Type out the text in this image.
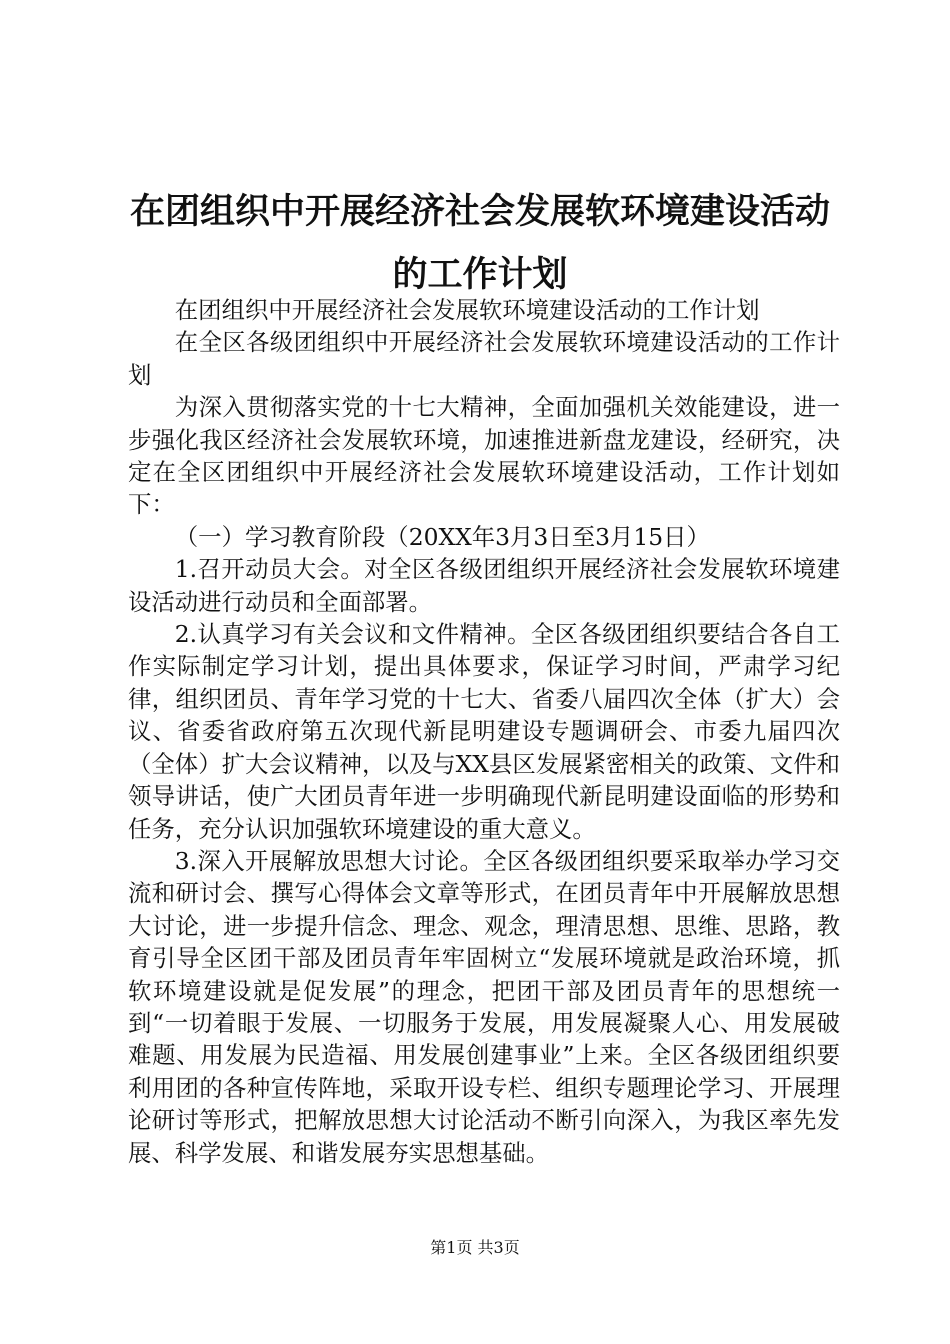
在团组织中开展经济社会发展软环境建设活动
的工作计划

在团组织中开展经济社会发展软环境建设活动的工作计划

在全区各级团组织中开展经济社会发展软环境建设活动的工作计划

为深入贯彻落实党的十七大精神，全面加强机关效能建设，进一步强化我区经济社会发展软环境，加速推进新盘龙建设，经研究，决定在全区团组织中开展经济社会发展软环境建设活动，工作计划如下：

（一）学习教育阶段（20XX年3月3日至3月15日）

1.召开动员大会。对全区各级团组织开展经济社会发展软环境建设活动进行动员和全面部署。

2.认真学习有关会议和文件精神。全区各级团组织要结合各自工作实际制定学习计划，提出具体要求，保证学习时间，严肃学习纪律，组织团员、青年学习党的十七大、省委八届四次全体（扩大）会议、省委省政府第五次现代新昆明建设专题调研会、市委九届四次（全体）扩大会议精神，以及与XX县区发展紧密相关的政策、文件和领导讲话，使广大团员青年进一步明确现代新昆明建设面临的形势和任务，充分认识加强软环境建设的重大意义。

3.深入开展解放思想大讨论。全区各级团组织要采取举办学习交流和研讨会、撰写心得体会文章等形式，在团员青年中开展解放思想大讨论，进一步提升信念、理念、观念，理清思想、思维、思路，教育引导全区团干部及团员青年牢固树立“发展环境就是政治环境，抓软环境建设就是促发展”的理念，把团干部及团员青年的思想统一到“一切着眼于发展、一切服务于发展，用发展凝聚人心、用发展破难题、用发展为民造福、用发展创建事业”上来。全区各级团组织要利用团的各种宣传阵地，采取开设专栏、组织专题理论学习、开展理论研讨等形式，把解放思想大讨论活动不断引向深入，为我区率先发展、科学发展、和谐发展夯实思想基础。

第1页 共3页
